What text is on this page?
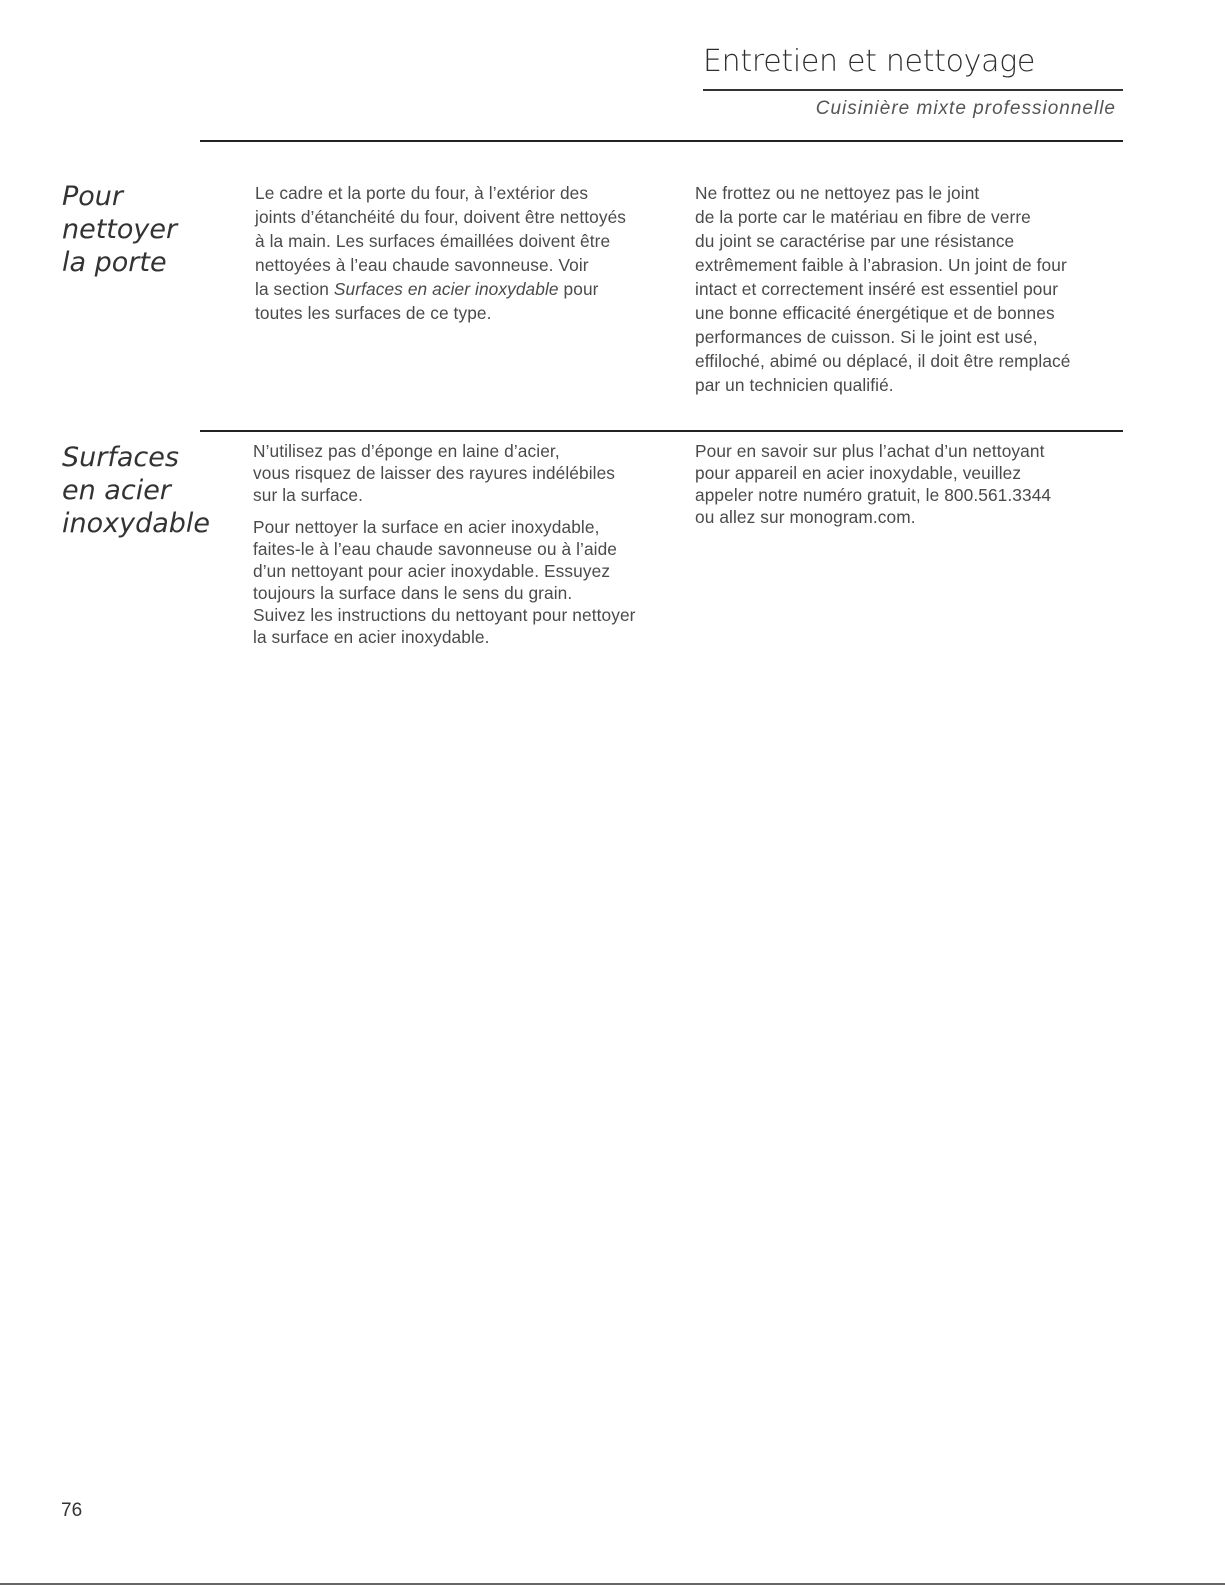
Entretien et nettoyage
Cuisinière mixte professionnelle
Pour
nettoyer
la porte
Le cadre et la porte du four, à l’extérior des
joints d’étanchéité du four, doivent être nettoyés
à la main. Les surfaces émaillées doivent être
nettoyées à l’eau chaude savonneuse. Voir
la section Surfaces en acier inoxydable pour
toutes les surfaces de ce type.
Ne frottez ou ne nettoyez pas le joint
de la porte car le matériau en fibre de verre
du joint se caractérise par une résistance
extrêmement faible à l’abrasion. Un joint de four
intact et correctement inséré est essentiel pour
une bonne efficacité énergétique et de bonnes
performances de cuisson. Si le joint est usé,
effiloché, abimé ou déplacé, il doit être remplacé
par un technicien qualifié.
Surfaces
en acier
inoxydable

N’utilisez pas d’éponge en laine d’acier,
vous risquez de laisser des rayures indélébiles
sur la surface.

Pour nettoyer la surface en acier inoxydable,
faites-le à l’eau chaude savonneuse ou à l’aide
d’un nettoyant pour acier inoxydable. Essuyez
toujours la surface dans le sens du grain.
Suivez les instructions du nettoyant pour nettoyer
la surface en acier inoxydable.

Pour en savoir sur plus l’achat d’un nettoyant
pour appareil en acier inoxydable, veuillez
appeler notre numéro gratuit, le 800.561.3344
ou allez sur monogram.com.
76
